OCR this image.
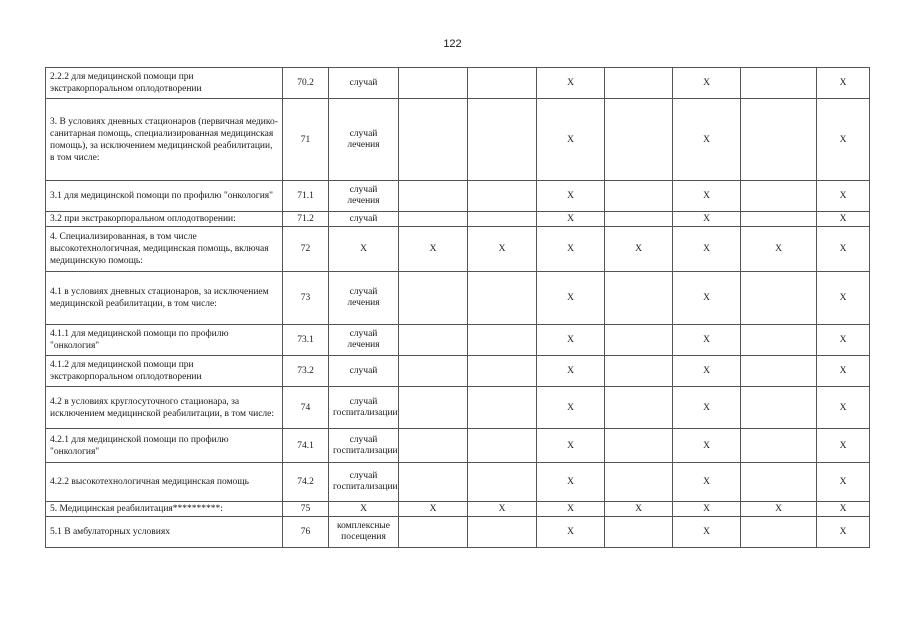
122
2.2.2 для медицинской помощи при экстракорпоральном оплодотворении	70.2	случай			X		X		X
3. В условиях дневных стационаров (первичная медико-санитарная помощь, специализированная медицинская помощь), за исключением медицинской реабилитации, в том числе:	71	случай лечения			X		X		X
3.1 для медицинской помощи по профилю "онкология"	71.1	случай лечения			X		X		X
3.2 при экстракорпоральном оплодотворении:	71.2	случай			X		X		X
4. Специализированная, в том числе высокотехнологичная, медицинская помощь, включая медицинскую помощь:	72	X	X	X	X	X	X	X	X
4.1 в условиях дневных стационаров, за исключением медицинской реабилитации, в том числе:	73	случай лечения			X		X		X
4.1.1 для медицинской помощи по профилю "онкология"	73.1	случай лечения			X		X		X
4.1.2 для медицинской помощи при экстракорпоральном оплодотворении	73.2	случай			X		X		X
4.2 в условиях круглосуточного стационара, за исключением медицинской реабилитации, в том числе:	74	случай госпитализации			X		X		X
4.2.1 для медицинской помощи по профилю "онкология"	74.1	случай госпитализации			X		X		X
4.2.2 высокотехнологичная медицинская помощь	74.2	случай госпитализации			X		X		X
5. Медицинская реабилитация**********:	75	X	X	X	X	X	X	X	X
5.1 В амбулаторных условиях	76	комплексные посещения			X		X		X
